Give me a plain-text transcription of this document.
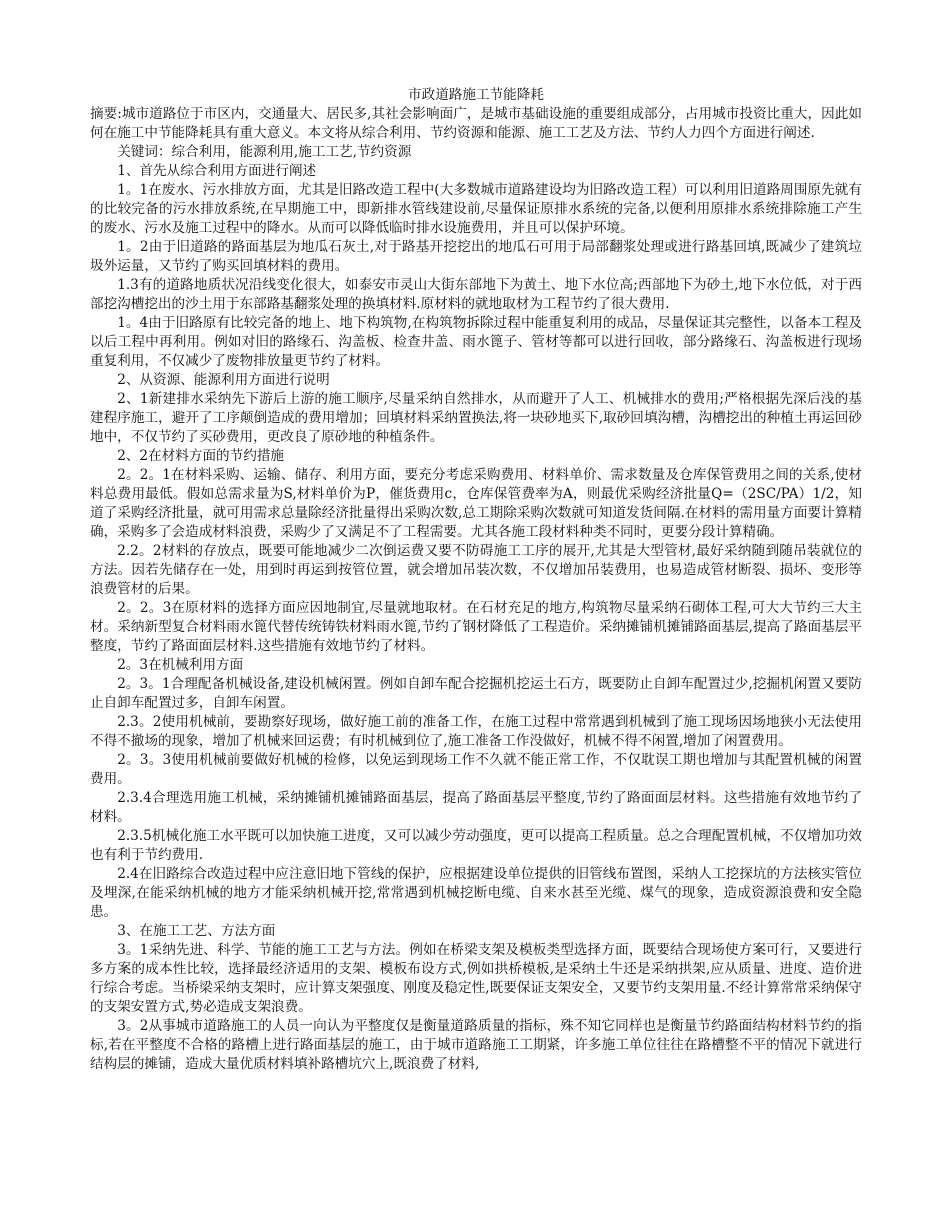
市政道路施工节能降耗

摘要:城市道路位于市区内，交通量大、居民多,其社会影响面广，是城市基础设施的重要组成部分，占用城市投资比重大，因此如何在施工中节能降耗具有重大意义。本文将从综合利用、节约资源和能源、施工工艺及方法、节约人力四个方面进行阐述.

关键词：综合利用，能源利用,施工工艺,节约资源

1、首先从综合利用方面进行阐述

1。1在废水、污水排放方面，尤其是旧路改造工程中(大多数城市道路建设均为旧路改造工程）可以利用旧道路周围原先就有的比较完备的污水排放系统,在早期施工中，即新排水管线建设前,尽量保证原排水系统的完备,以便利用原排水系统排除施工产生的废水、污水及施工过程中的降水。从而可以降低临时排水设施费用，并且可以保护环境。

1。2由于旧道路的路面基层为地瓜石灰土,对于路基开挖挖出的地瓜石可用于局部翻浆处理或进行路基回填,既减少了建筑垃圾外运量，又节约了购买回填材料的费用。

1.3有的道路地质状况沿线变化很大，如泰安市灵山大街东部地下为黄土、地下水位高;西部地下为砂土,地下水位低，对于西部挖沟槽挖出的沙土用于东部路基翻浆处理的换填材料.原材料的就地取材为工程节约了很大费用.

1。4由于旧路原有比较完备的地上、地下构筑物,在构筑物拆除过程中能重复利用的成品，尽量保证其完整性，以备本工程及以后工程中再利用。例如对旧的路缘石、沟盖板、检查井盖、雨水篦子、管材等都可以进行回收，部分路缘石、沟盖板进行现场重复利用，不仅减少了废物排放量更节约了材料。

2、从资源、能源利用方面进行说明

2、1新建排水采纳先下游后上游的施工顺序,尽量采纳自然排水，从而避开了人工、机械排水的费用;严格根据先深后浅的基建程序施工，避开了工序颠倒造成的费用增加；回填材料采纳置换法,将一块砂地买下,取砂回填沟槽，沟槽挖出的种植土再运回砂地中，不仅节约了买砂费用，更改良了原砂地的种植条件。

2、2在材料方面的节约措施

2。2。1在材料采购、运输、储存、利用方面，要充分考虑采购费用、材料单价、需求数量及仓库保管费用之间的关系,使材料总费用最低。假如总需求量为S,材料单价为P，催货费用c，仓库保管费率为A，则最优采购经济批量Q=（2SC/PA）1/2，知道了采购经济批量，就可用需求总量除经济批量得出采购次数,总工期除采购次数就可知道发货间隔.在材料的需用量方面要计算精确，采购多了会造成材料浪费，采购少了又满足不了工程需要。尤其各施工段材料种类不同时，更要分段计算精确。

2.2。2材料的存放点，既要可能地减少二次倒运费又要不防碍施工工序的展开,尤其是大型管材,最好采纳随到随吊装就位的方法。因若先储存在一处，用到时再运到按管位置，就会增加吊装次数，不仅增加吊装费用，也易造成管材断裂、损坏、变形等浪费管材的后果。

2。2。3在原材料的选择方面应因地制宜,尽量就地取材。在石材充足的地方,构筑物尽量采纳石砌体工程,可大大节约三大主材。采纳新型复合材料雨水篦代替传统铸铁材料雨水篦,节约了钢材降低了工程造价。采纳摊铺机摊铺路面基层,提高了路面基层平整度，节约了路面面层材料.这些措施有效地节约了材料。

2。3在机械利用方面

2。3。1合理配备机械设备,建设机械闲置。例如自卸车配合挖掘机挖运土石方，既要防止自卸车配置过少,挖掘机闲置又要防止自卸车配置过多，自卸车闲置。

2.3。2使用机械前，要勘察好现场，做好施工前的准备工作，在施工过程中常常遇到机械到了施工现场因场地狭小无法使用不得不撤场的现象，增加了机械来回运费；有时机械到位了,施工准备工作没做好，机械不得不闲置,增加了闲置费用。

2。3。3使用机械前要做好机械的检修，以免运到现场工作不久就不能正常工作，不仅耽误工期也增加与其配置机械的闲置费用。

2.3.4合理选用施工机械，采纳摊铺机摊铺路面基层，提高了路面基层平整度,节约了路面面层材料。这些措施有效地节约了材料。

2.3.5机械化施工水平既可以加快施工进度，又可以减少劳动强度，更可以提高工程质量。总之合理配置机械，不仅增加功效也有利于节约费用.

2.4在旧路综合改造过程中应注意旧地下管线的保护，应根据建设单位提供的旧管线布置图，采纳人工挖探坑的方法核实管位及埋深,在能采纳机械的地方才能采纳机械开挖,常常遇到机械挖断电缆、自来水甚至光缆、煤气的现象，造成资源浪费和安全隐患。

3、在施工工艺、方法方面

3。1采纳先进、科学、节能的施工工艺与方法。例如在桥梁支架及模板类型选择方面，既要结合现场使方案可行，又要进行多方案的成本性比较，选择最经济适用的支架、模板布设方式,例如拱桥模板,是采纳土牛还是采纳拱架,应从质量、进度、造价进行综合考虑。当桥梁采纳支架时，应计算支架强度、刚度及稳定性,既要保证支架安全，又要节约支架用量.不经计算常常采纳保守的支架安置方式,势必造成支架浪费。

3。2从事城市道路施工的人员一向认为平整度仅是衡量道路质量的指标，殊不知它同样也是衡量节约路面结构材料节约的指标,若在平整度不合格的路槽上进行路面基层的施工，由于城市道路施工工期紧，许多施工单位往往在路槽整不平的情况下就进行结构层的摊铺，造成大量优质材料填补路槽坑穴上,既浪费了材料,
